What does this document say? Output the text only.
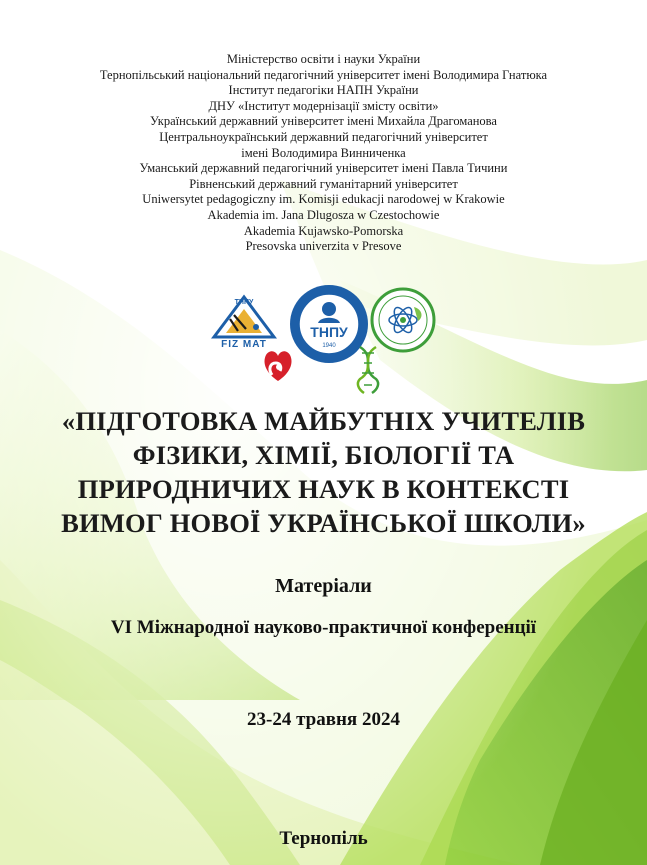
Міністерство освіти і науки України
Тернопільський національний педагогічний університет імені Володимира Гнатюка
Інститут педагогіки НАПН України
ДНУ «Інститут модернізації змісту освіти»
Український державний університет імені Михайла Драгоманова
Центральноукраїнський державний педагогічний університет
імені Володимира Винниченка
Уманський державний педагогічний університет імені Павла Тичини
Рівненський державний гуманітарний університет
Uniwersytet pedagogiczny im. Komisji edukacji narodowej w Krakowie
Akademia im. Jana Dlugosza w Czestochowie
Akademia Kujawsko-Pomorska
Presovska univerzita v Presove
ТНПУ
FIZ MAT
ТНПУ
1940
«ПІДГОТОВКА МАЙБУТНІХ УЧИТЕЛІВ
ФІЗИКИ, ХІМІЇ, БІОЛОГІЇ ТА
ПРИРОДНИЧИХ НАУК В КОНТЕКСТІ
ВИМОГ НОВОЇ УКРАЇНСЬКОЇ ШКОЛИ»
Матеріали
VІ Міжнародної науково-практичної конференції
23-24 травня 2024
Тернопіль
